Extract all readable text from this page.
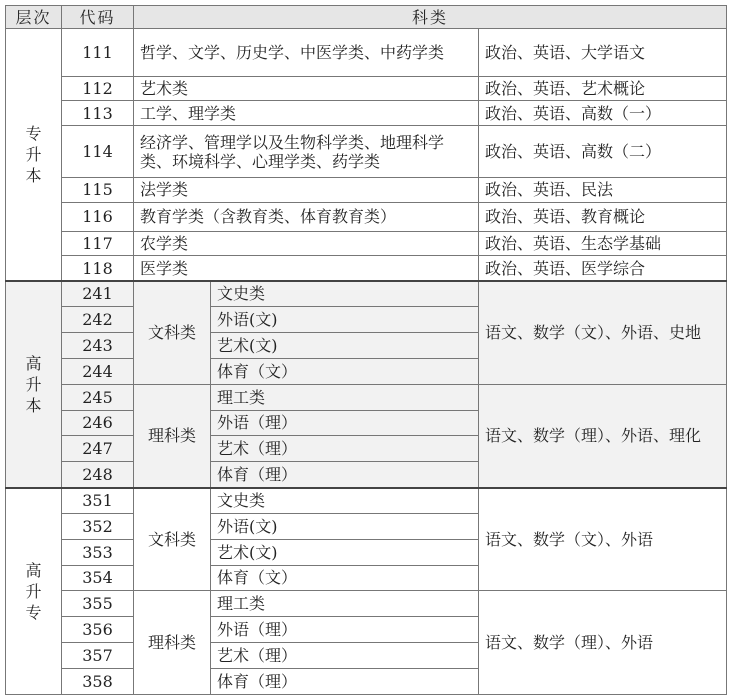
层次	代码	科类		

专升本	111	哲学、文学、历史学、中医学类、中药学类		政治、英语、大学语文
	112	艺术类		政治、英语、艺术概论
	113	工学、理学类		政治、英语、高数（一）
	114	经济学、管理学以及生物科学类、地理科学类、环境科学、心理学类、药学类		政治、英语、高数（二）
	115	法学类		政治、英语、民法
	116	教育学类（含教育类、体育教育类）		政治、英语、教育概论
	117	农学类		政治、英语、生态学基础
	118	医学类		政治、英语、医学综合

高升本	241	文科类	文史类	语文、数学（文）、外语、史地
	242		外语(文)	
	243		艺术(文)	
	244		体育（文）	
	245	理科类	理工类	语文、数学（理）、外语、理化
	246		外语（理）	
	247		艺术（理）	
	248		体育（理）	

高升专	351	文科类	文史类	语文、数学（文）、外语
	352		外语(文)	
	353		艺术(文)	
	354		体育（文）	
	355	理科类	理工类	语文、数学（理）、外语
	356		外语（理）	
	357		艺术（理）	
	358		体育（理）	
